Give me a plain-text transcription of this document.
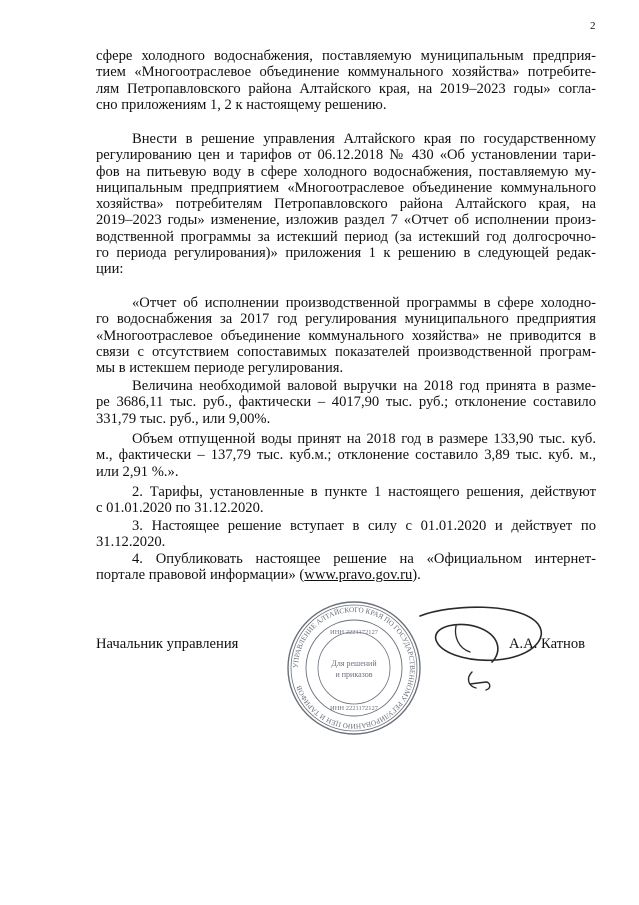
2
сфере холодного водоснабжения, поставляемую муниципальным предприя-
тием «Многоотраслевое объединение коммунального хозяйства» потребите-
лям Петропавловского района Алтайского края, на 2019–2023 годы» согла-
сно приложениям 1, 2 к настоящему решению.
Внести в решение управления Алтайского края по государственному
регулированию цен и тарифов от 06.12.2018 № 430 «Об установлении тари-
фов на питьевую воду в сфере холодного водоснабжения, поставляемую му-
ниципальным предприятием «Многоотраслевое объединение коммунального
хозяйства» потребителям Петропавловского района Алтайского края, на
2019–2023 годы» изменение, изложив раздел 7 «Отчет об исполнении произ-
водственной программы за истекший период (за истекший год долгосрочно-
го периода регулирования)» приложения 1 к решению в следующей редак-
ции:
«Отчет об исполнении производственной программы в сфере холодно-
го водоснабжения за 2017 год регулирования муниципального предприятия
«Многоотраслевое объединение коммунального хозяйства» не приводится в
связи с отсутствием сопоставимых показателей производственной програм-
мы в истекшем периоде регулирования.
Величина необходимой валовой выручки на 2018 год принята в разме-
ре 3686,11 тыс. руб., фактически – 4017,90 тыс. руб.; отклонение составило
331,79 тыс. руб., или 9,00%.
Объем отпущенной воды принят на 2018 год в размере 133,90 тыс. куб.
м., фактически – 137,79 тыс. куб.м.; отклонение составило 3,89 тыс. куб. м.,
или 2,91 %.».
2. Тарифы, установленные в пункте 1 настоящего решения, действуют
с 01.01.2020 по 31.12.2020.
3. Настоящее решение вступает в силу с 01.01.2020 и действует по
31.12.2020.
4. Опубликовать настоящее решение на «Официальном интернет-
портале правовой информации» (www.pravo.gov.ru).
Начальник управления
УПРАВЛЕНИЕ АЛТАЙСКОГО КРАЯ ПО ГОСУДАРСТВЕННОМУ РЕГУЛИРОВАНИЮ ЦЕН И ТАРИФОВ
ИНН 2221172127
Для решений
и приказов
ИНН 2221172127
А.А. Катнов
